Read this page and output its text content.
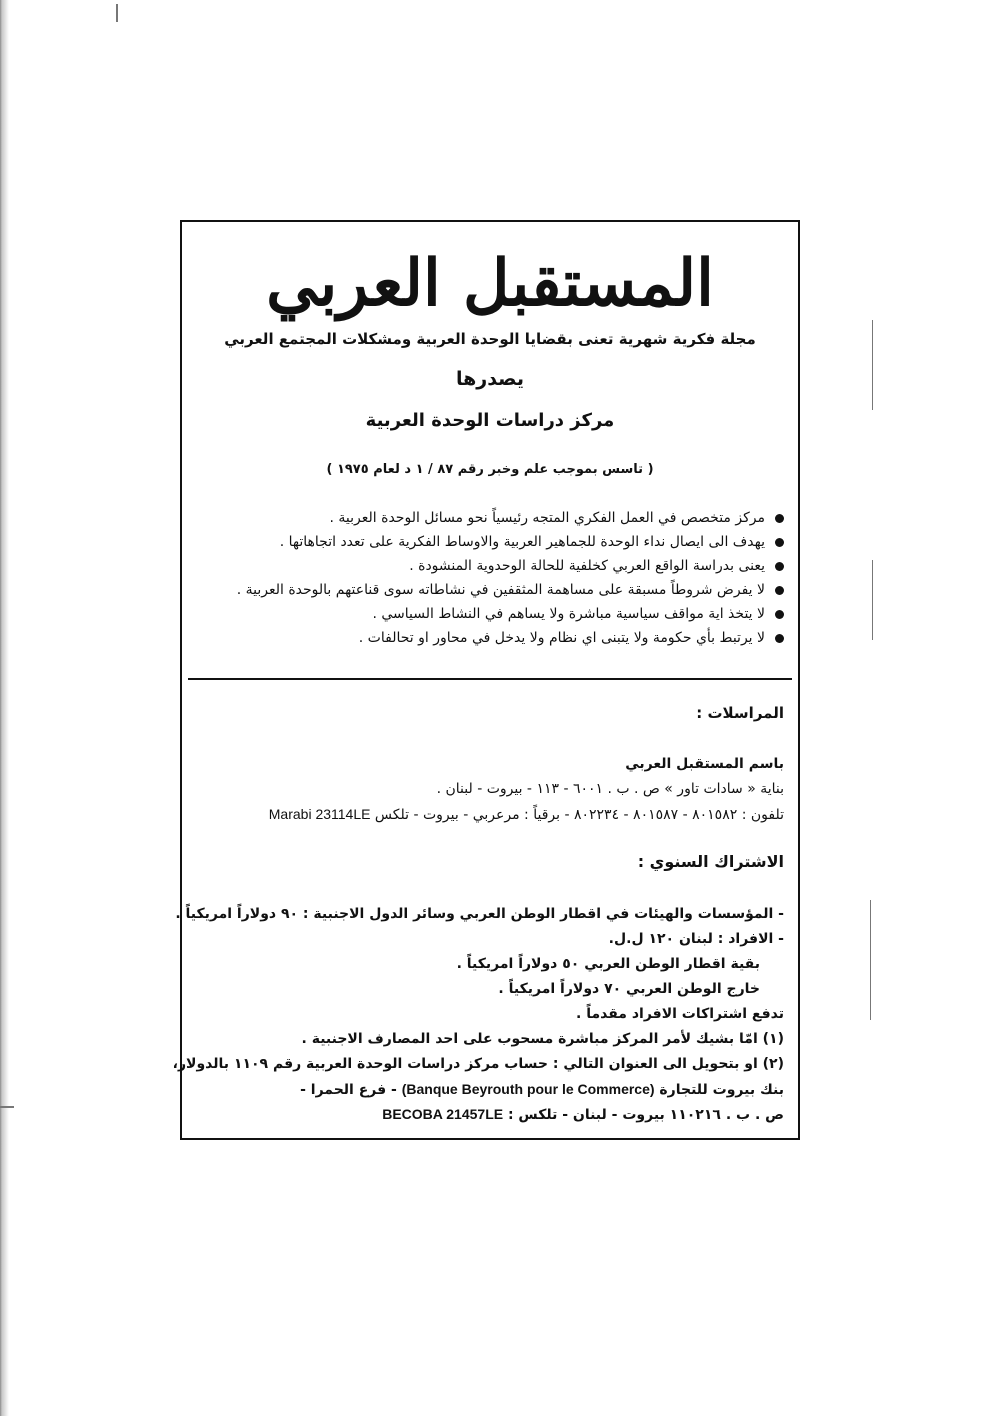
المستقبل العربي
مجلة فكرية شهرية تعنى بقضايا الوحدة العربية ومشكلات المجتمع العربي
يصدرها
مركز دراسات الوحدة العربية
( تاسس بموجب علم وخبر رقم ٨٧ / ١ د لعام ١٩٧٥ )
مركز متخصص في العمل الفكري المتجه رئيسياً نحو مسائل الوحدة العربية .
يهدف الى ايصال نداء الوحدة للجماهير العربية والاوساط الفكرية على تعدد اتجاهاتها .
يعنى بدراسة الواقع العربي كخلفية للحالة الوحدوية المنشودة .
لا يفرض شروطاً مسبقة على مساهمة المثقفين في نشاطاته سوى قناعتهم بالوحدة العربية .
لا يتخذ اية مواقف سياسية مباشرة ولا يساهم في النشاط السياسي .
لا يرتبط بأي حكومة ولا يتبنى اي نظام ولا يدخل في محاور او تحالفات .
المراسلات :
باسم المستقبل العربي
بناية « سادات تاور » ص . ب . ٦٠٠١ - ١١٣ - بيروت - لبنان .
تلفون : ٨٠١٥٨٢ - ٨٠١٥٨٧ - ٨٠٢٢٣٤ - برقياً : مرعربي - بيروت - تلكس Marabi 23114LE
الاشتراك السنوي :
- المؤسسات والهيئات في اقطار الوطن العربي وسائر الدول الاجنبية : ٩٠ دولاراً امريكياً .
- الافراد : لبنان ١٢٠ ل.ل.
بقية اقطار الوطن العربي ٥٠ دولاراً امريكياً .
خارج الوطن العربي ٧٠ دولاراً امريكياً .
تدفع اشتراكات الافراد مقدماً .
(١) امّا بشيك لأمر المركز مباشرة مسحوب على احد المصارف الاجنبية .
(٢) او بتحويل الى العنوان التالي : حساب مركز دراسات الوحدة العربية رقم ١١٠٩ بالدولار،
بنك بيروت للتجارة (Banque Beyrouth pour le Commerce) - فرع الحمرا -
ص . ب . ١١٠٢١٦ بيروت - لبنان - تلكس : BECOBA 21457LE
